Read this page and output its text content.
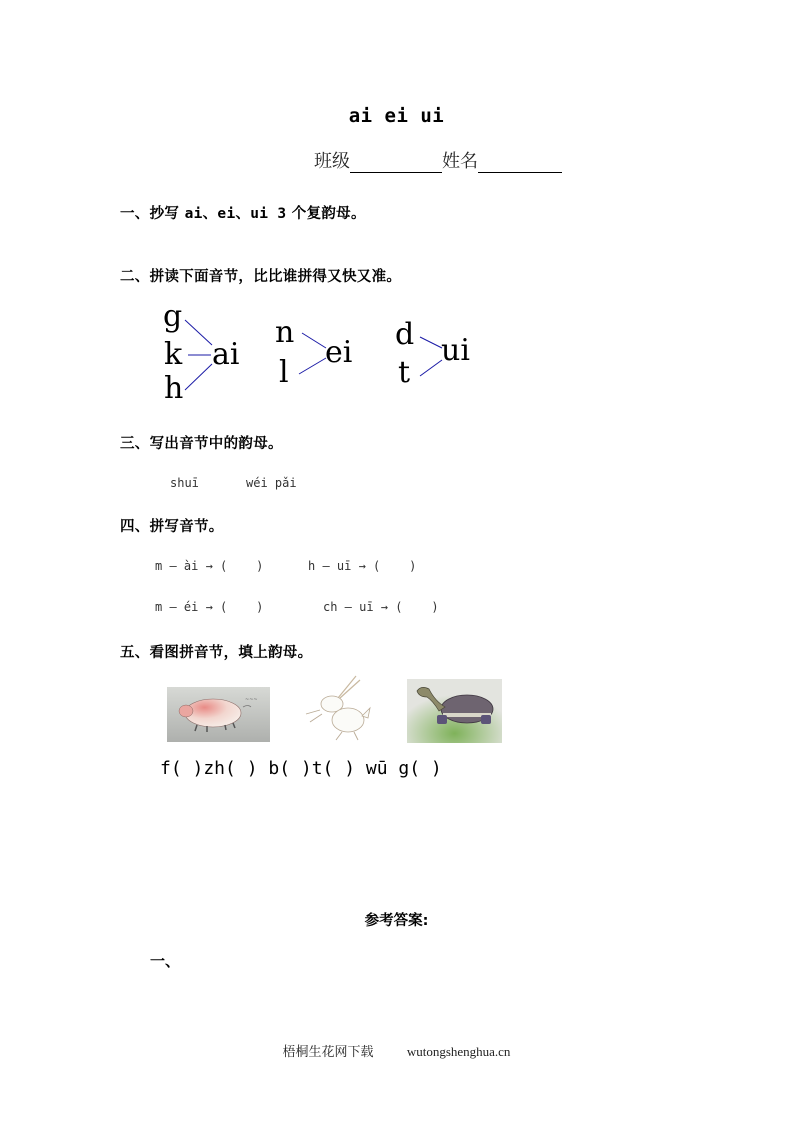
ai ei ui
班级	姓名
一、抄写 ai、ei、ui 3 个复韵母。
二、拼读下面音节，比比谁拼得又快又准。
g
k
h
ai
n
l
ei
d
t
ui
三、写出音节中的韵母。
shuī	wéi pǎi
四、拼写音节。
m — ài → (    )	h — uī → (    )
m — éi → (    )	ch — uī → (    )
五、看图拼音节，填上韵母。
~~~
f( )zh( ) b( )t( ) wū g( )
参考答案:
一、
梧桐生花网下载	wutongshenghua.cn
